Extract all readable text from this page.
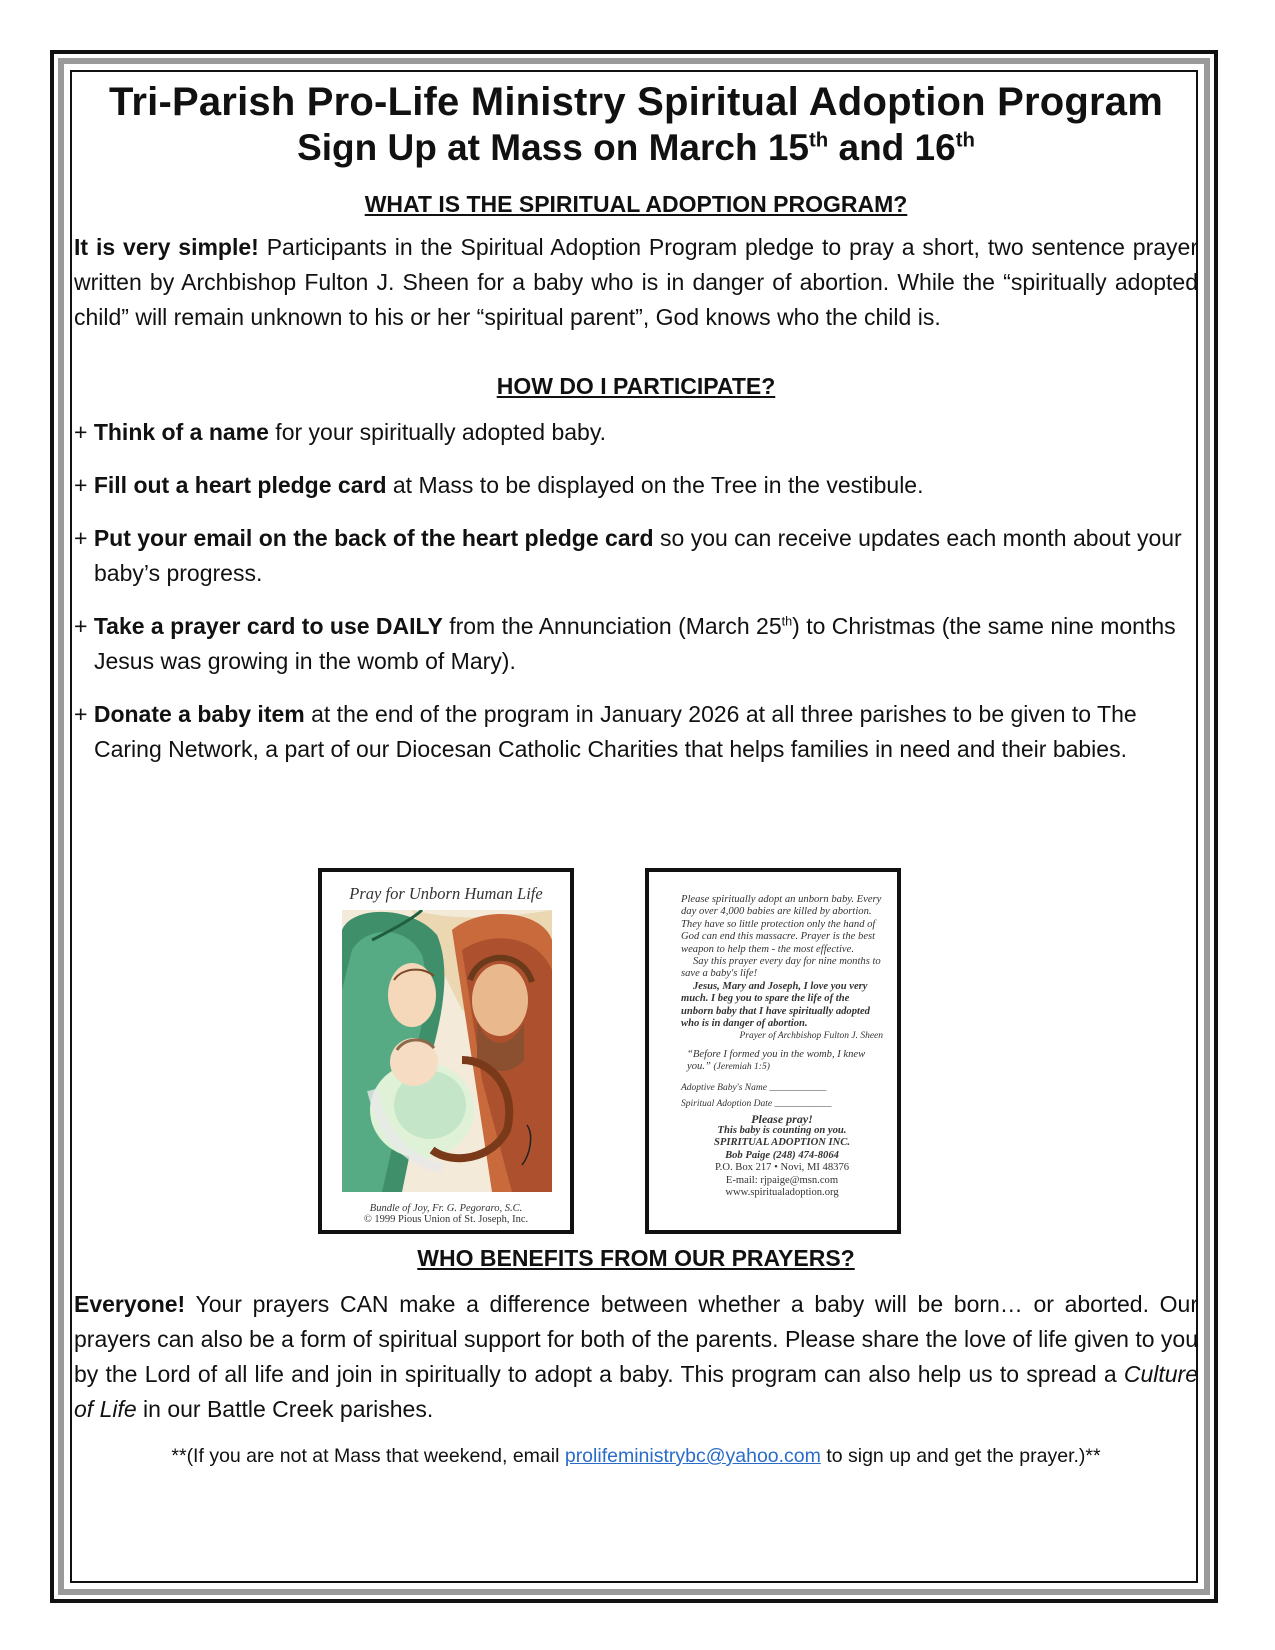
Tri-Parish Pro-Life Ministry Spiritual Adoption Program
Sign Up at Mass on March 15th and 16th

WHAT IS THE SPIRITUAL ADOPTION PROGRAM?

It is very simple! Participants in the Spiritual Adoption Program pledge to pray a short, two sentence prayer written by Archbishop Fulton J. Sheen for a baby who is in danger of abortion. While the “spiritually adopted child” will remain unknown to his or her “spiritual parent”, God knows who the child is.

HOW DO I PARTICIPATE?

+ Think of a name for your spiritually adopted baby.

+ Fill out a heart pledge card at Mass to be displayed on the Tree in the vestibule.

+ Put your email on the back of the heart pledge card so you can receive updates each month about your baby’s progress.

+ Take a prayer card to use DAILY from the Annunciation (March 25th) to Christmas (the same nine months Jesus was growing in the womb of Mary).

+ Donate a baby item at the end of the program in January 2026 at all three parishes to be given to The Caring Network, a part of our Diocesan Catholic Charities that helps families in need and their babies.

Pray for Unborn Human Life
Bundle of Joy, Fr. G. Pegoraro, S.C.
© 1999 Pious Union of St. Joseph, Inc.

Please spiritually adopt an unborn baby. Every day over 4,000 babies are killed by abortion. They have so little protection only the hand of God can end this massacre. Prayer is the best weapon to help them - the most effective.

Say this prayer every day for nine months to save a baby's life!

Jesus, Mary and Joseph, I love you very much. I beg you to spare the life of the unborn baby that I have spiritually adopted who is in danger of abortion.

Prayer of Archbishop Fulton J. Sheen

“Before I formed you in the womb, I knew you.” (Jeremiah 1:5)

Adoptive Baby's Name ____________

Spiritual Adoption Date ____________

Please pray!

This baby is counting on you.

SPIRITUAL ADOPTION INC.

Bob Paige (248) 474-8064

P.O. Box 217 • Novi, MI 48376

E-mail: rjpaige@msn.com

www.spiritualadoption.org

WHO BENEFITS FROM OUR PRAYERS?

Everyone! Your prayers CAN make a difference between whether a baby will be born… or aborted. Our prayers can also be a form of spiritual support for both of the parents. Please share the love of life given to you by the Lord of all life and join in spiritually to adopt a baby. This program can also help us to spread a Culture of Life in our Battle Creek parishes.

**(If you are not at Mass that weekend, email prolifeministrybc@yahoo.com to sign up and get the prayer.)**
